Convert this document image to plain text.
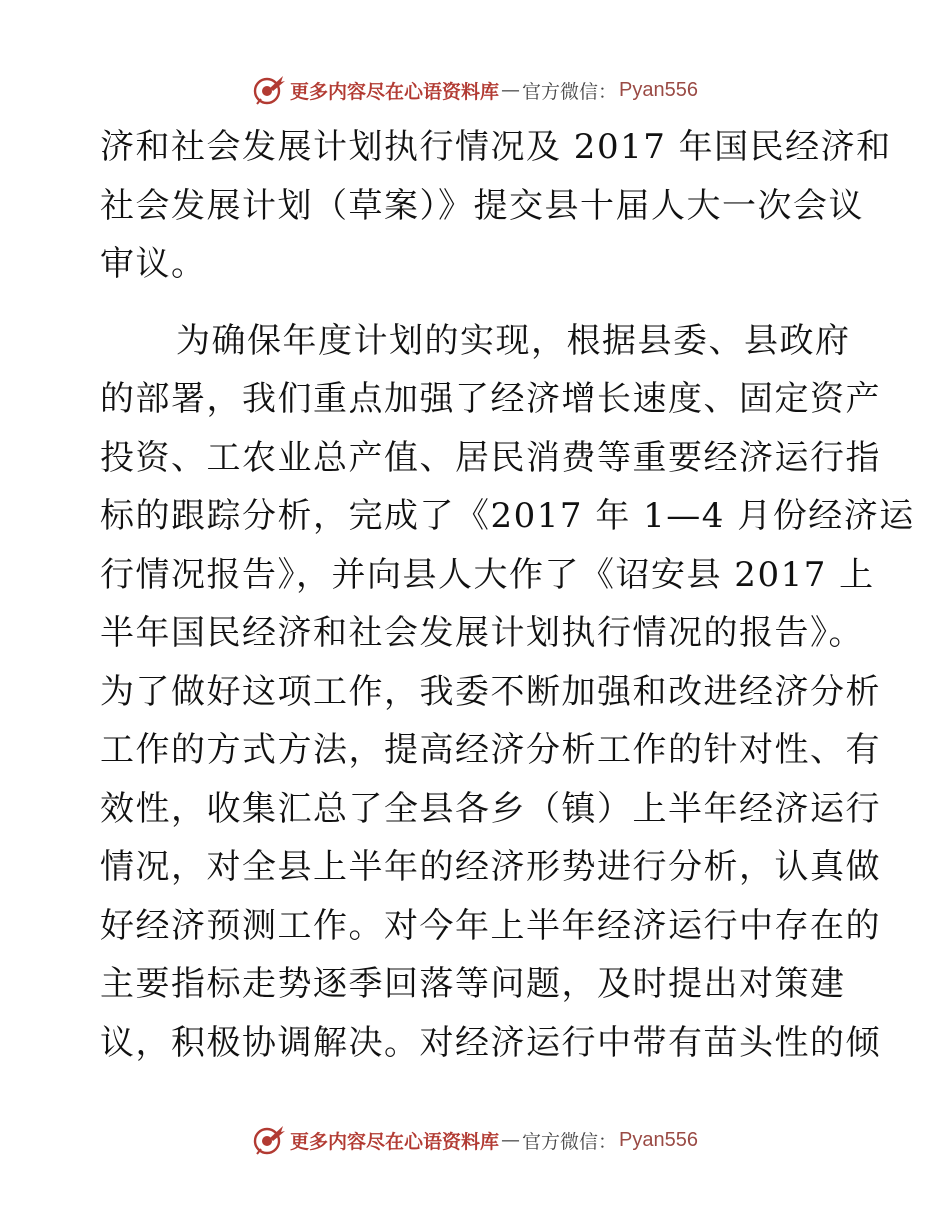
更多内容尽在心语资料库 — 官方微信： Pyan556
济和社会发展计划执行情况及 2017 年国民经济和
社会发展计划（草案）》提交县十届人大一次会议
审议。
为确保年度计划的实现，根据县委、县政府
的部署，我们重点加强了经济增长速度、固定资产
投资、工农业总产值、居民消费等重要经济运行指
标的跟踪分析，完成了《2017 年 1—4 月份经济运
行情况报告》，并向县人大作了《诏安县 2017 上
半年国民经济和社会发展计划执行情况的报告》。
为了做好这项工作，我委不断加强和改进经济分析
工作的方式方法，提高经济分析工作的针对性、有
效性，收集汇总了全县各乡（镇）上半年经济运行
情况，对全县上半年的经济形势进行分析，认真做
好经济预测工作。对今年上半年经济运行中存在的
主要指标走势逐季回落等问题，及时提出对策建
议，积极协调解决。对经济运行中带有苗头性的倾
更多内容尽在心语资料库 — 官方微信： Pyan556
